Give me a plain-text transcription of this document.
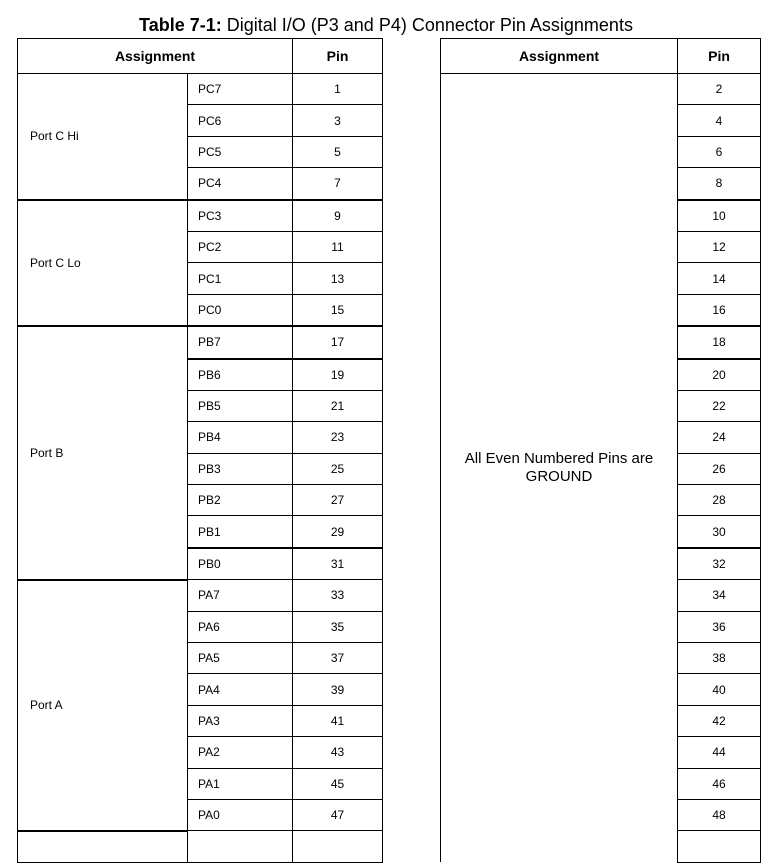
Table 7-1: Digital I/O (P3 and P4) Connector Pin Assignments
Assignment		Pin
Port C Hi	PC7	1
	PC6	3
	PC5	5
	PC4	7
Port C Lo	PC3	9
	PC2	11
	PC1	13
	PC0	15
Port B	PB7	17
	PB6	19
	PB5	21
	PB4	23
	PB3	25
	PB2	27
	PB1	29
	PB0	31
Port A	PA7	33
	PA6	35
	PA5	37
	PA4	39
	PA3	41
	PA2	43
	PA1	45
	PA0	47

Assignment	Pin
All Even Numbered Pins are GROUND	2
	4
	6
	8
	10
	12
	14
	16
	18
	20
	22
	24
	26
	28
	30
	32
	34
	36
	38
	40
	42
	44
	46
	48
